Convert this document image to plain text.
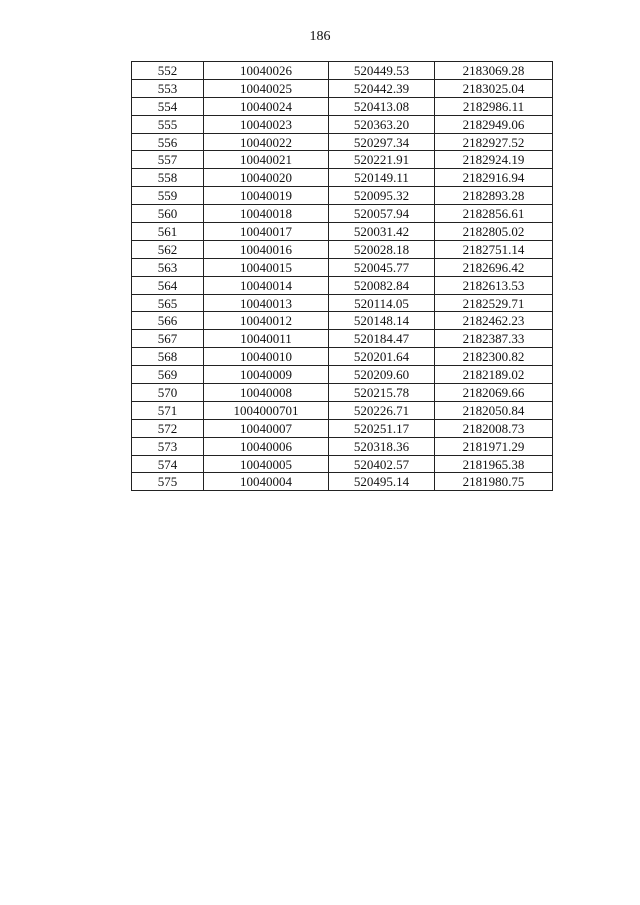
186
552	10040026	520449.53	2183069.28
553	10040025	520442.39	2183025.04
554	10040024	520413.08	2182986.11
555	10040023	520363.20	2182949.06
556	10040022	520297.34	2182927.52
557	10040021	520221.91	2182924.19
558	10040020	520149.11	2182916.94
559	10040019	520095.32	2182893.28
560	10040018	520057.94	2182856.61
561	10040017	520031.42	2182805.02
562	10040016	520028.18	2182751.14
563	10040015	520045.77	2182696.42
564	10040014	520082.84	2182613.53
565	10040013	520114.05	2182529.71
566	10040012	520148.14	2182462.23
567	10040011	520184.47	2182387.33
568	10040010	520201.64	2182300.82
569	10040009	520209.60	2182189.02
570	10040008	520215.78	2182069.66
571	1004000701	520226.71	2182050.84
572	10040007	520251.17	2182008.73
573	10040006	520318.36	2181971.29
574	10040005	520402.57	2181965.38
575	10040004	520495.14	2181980.75
